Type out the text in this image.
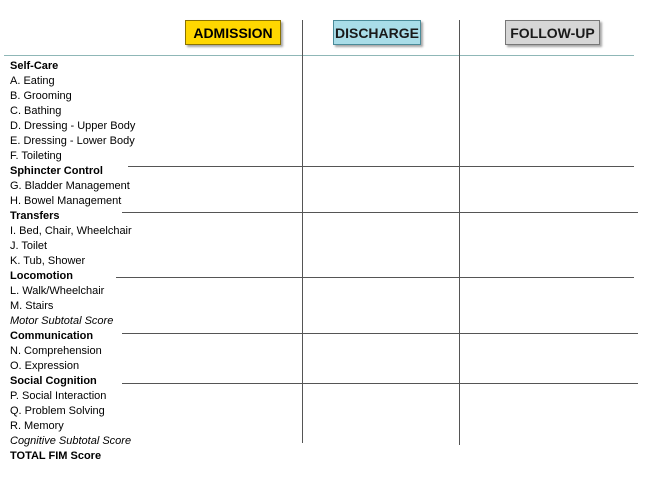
ADMISSION	DISCHARGE	FOLLOW-UP
Self-Care
A. Eating
B. Grooming
C. Bathing
D. Dressing - Upper Body
E. Dressing - Lower Body
F. Toileting
Sphincter Control
G. Bladder Management
H. Bowel Management
Transfers
I. Bed, Chair, Wheelchair
J. Toilet
K. Tub, Shower
Locomotion
L. Walk/Wheelchair
M. Stairs
Motor Subtotal Score
Communication
N. Comprehension
O. Expression
Social Cognition
P. Social Interaction
Q. Problem Solving
R. Memory
Cognitive Subtotal Score
TOTAL FIM Score
